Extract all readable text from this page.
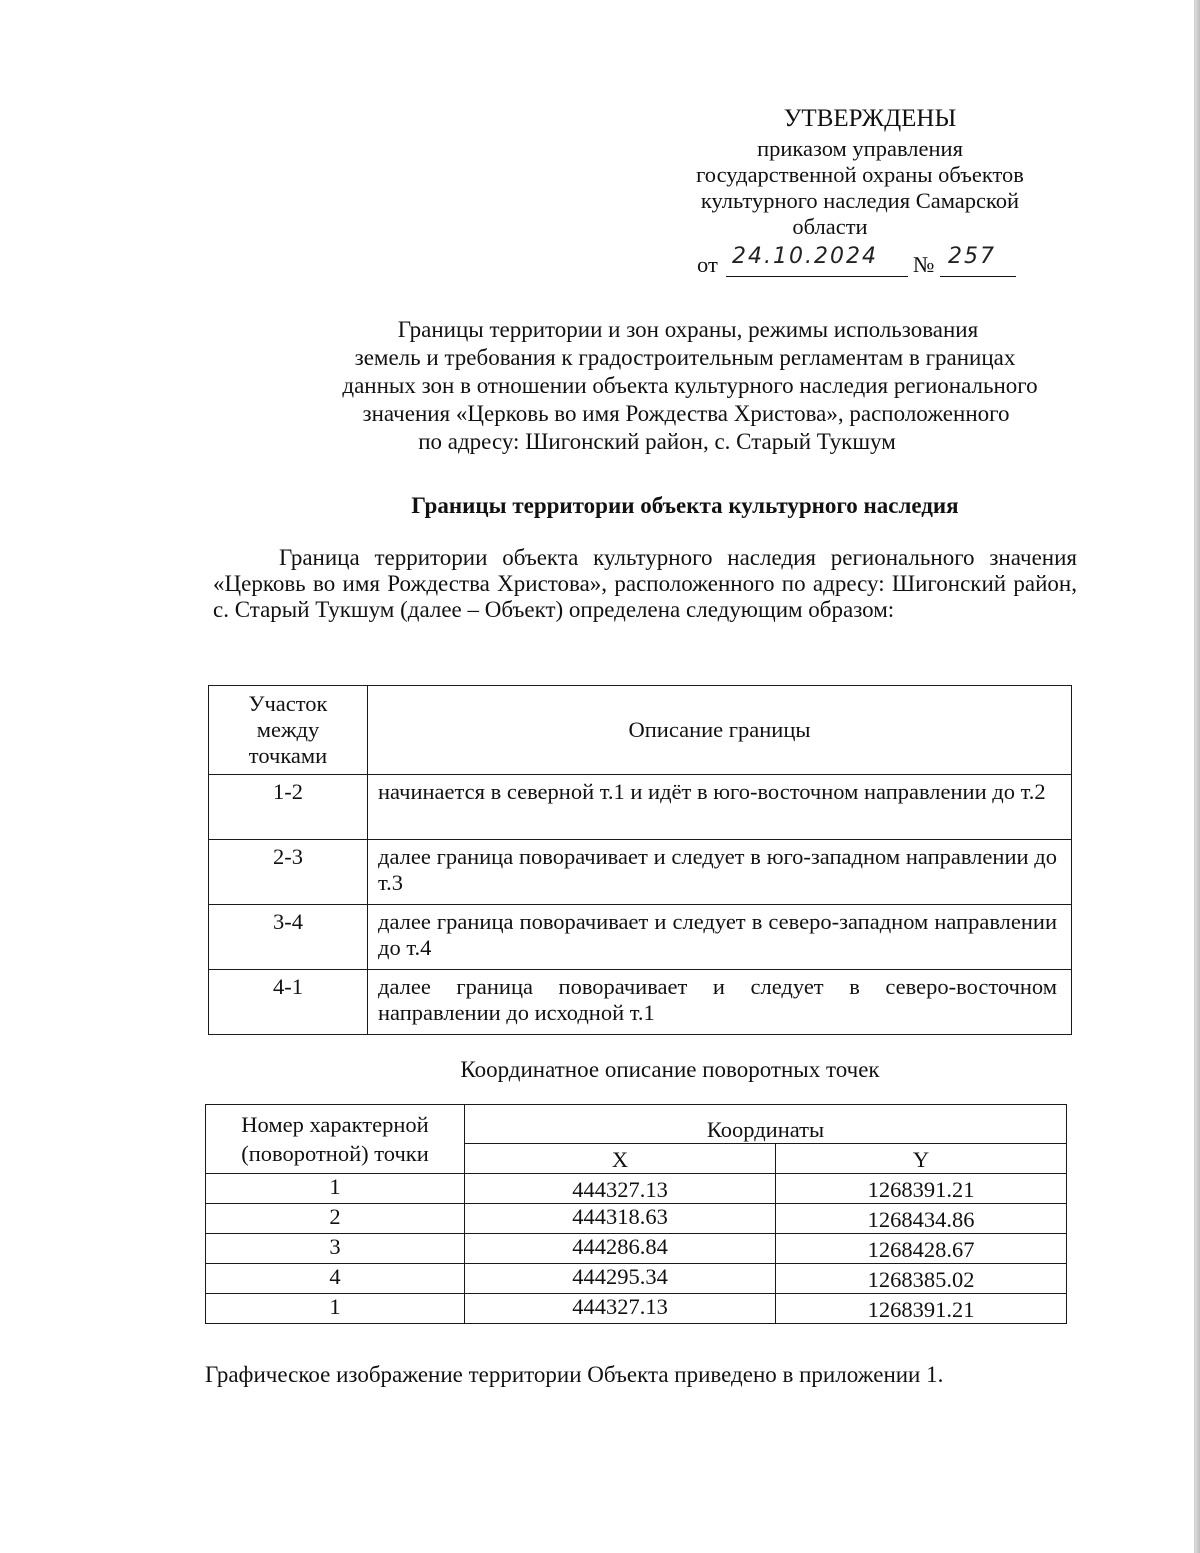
УТВЕРЖДЕНЫ
приказом управления
государственной охраны объектов
культурного наследия Самарской
области
от 24.10.2024 № 257
Границы территории и зон охраны, режимы использования
земель и требования к градостроительным регламентам в границах
данных зон в отношении объекта культурного наследия регионального
значения «Церковь во имя Рождества Христова», расположенного
по адресу: Шигонский район, с. Старый Тукшум
Границы территории объекта культурного наследия
Граница территории объекта культурного наследия регионального значения «Церковь во имя Рождества Христова», расположенного по адресу: Шигонский район, с. Старый Тукшум (далее – Объект) определена следующим образом:
Участок
между
точками	Описание границы
1-2	начинается в северной т.1 и идёт в юго-восточном направлении до т.2
2-3	далее граница поворачивает и следует в юго-западном направлении до т.3
3-4	далее граница поворачивает и следует в северо-западном направлении до т.4
4-1	далее граница поворачивает и следует в северо-восточном направлении до исходной т.1
Координатное описание поворотных точек
Номер характерной
(поворотной) точки	Координаты	
	X	Y
1	444327.13	1268391.21
2	444318.63	1268434.86
3	444286.84	1268428.67
4	444295.34	1268385.02
1	444327.13	1268391.21
Графическое изображение территории Объекта приведено в приложении 1.
